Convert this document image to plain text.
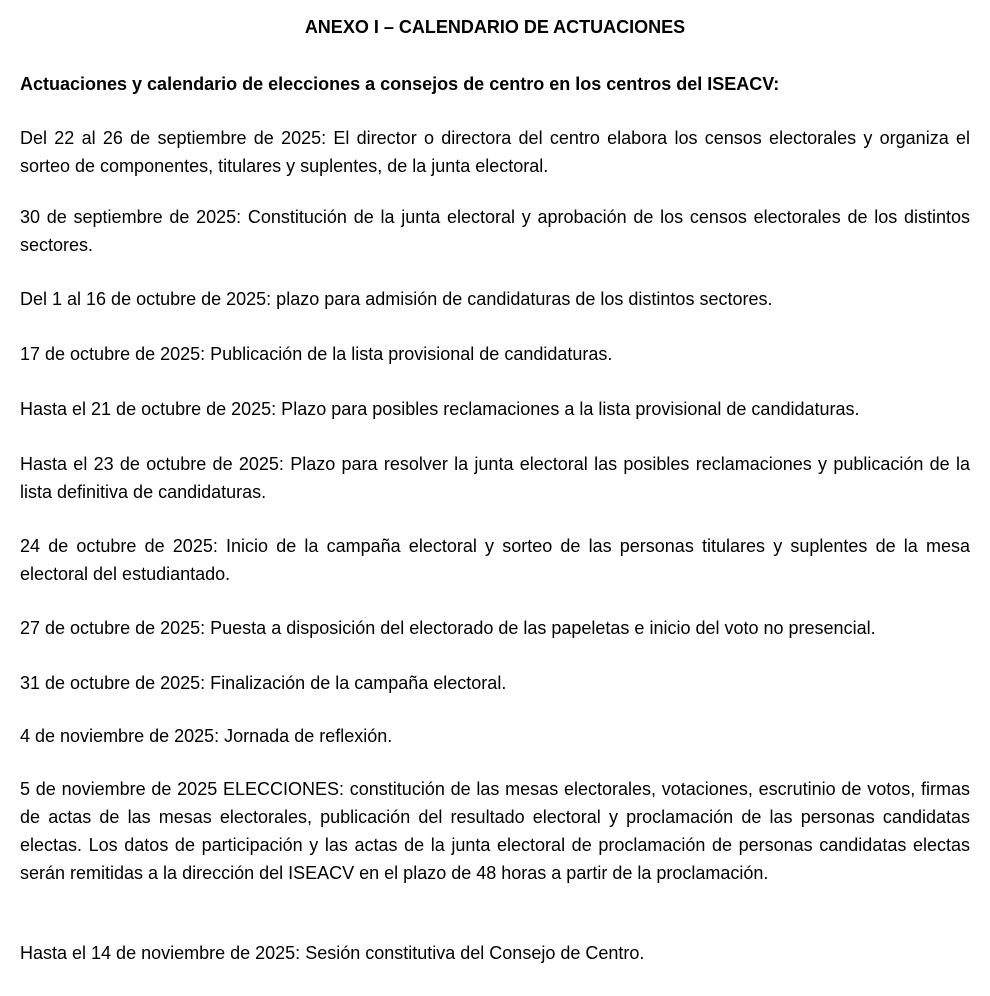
ANEXO I – CALENDARIO DE ACTUACIONES

Actuaciones y calendario de elecciones a consejos de centro en los centros del ISEACV:

Del 22 al 26 de septiembre de 2025: El director o directora del centro elabora los censos electorales y organiza el sorteo de componentes, titulares y suplentes, de la junta electoral.

30 de septiembre de 2025: Constitución de la junta electoral y aprobación de los censos electorales de los distintos sectores.

Del 1 al 16 de octubre de 2025: plazo para admisión de candidaturas de los distintos sectores.

17 de octubre de 2025: Publicación de la lista provisional de candidaturas.

Hasta el 21 de octubre de 2025: Plazo para posibles reclamaciones a la lista provisional de candidaturas.

Hasta el 23 de octubre de 2025: Plazo para resolver la junta electoral las posibles reclamaciones y publicación de la lista definitiva de candidaturas.

24 de octubre de 2025: Inicio de la campaña electoral y sorteo de las personas titulares y suplentes de la mesa electoral del estudiantado.

27 de octubre de 2025: Puesta a disposición del electorado de las papeletas e inicio del voto no presencial.

31 de octubre de 2025: Finalización de la campaña electoral.

4 de noviembre de 2025: Jornada de reflexión.

5 de noviembre de 2025 ELECCIONES: constitución de las mesas electorales, votaciones, escrutinio de votos, firmas de actas de las mesas electorales, publicación del resultado electoral y proclamación de las personas candidatas electas. Los datos de participación y las actas de la junta electoral de proclamación de personas candidatas electas serán remitidas a la dirección del ISEACV en el plazo de 48 horas a partir de la proclamación.

Hasta el 14 de noviembre de 2025: Sesión constitutiva del Consejo de Centro.
